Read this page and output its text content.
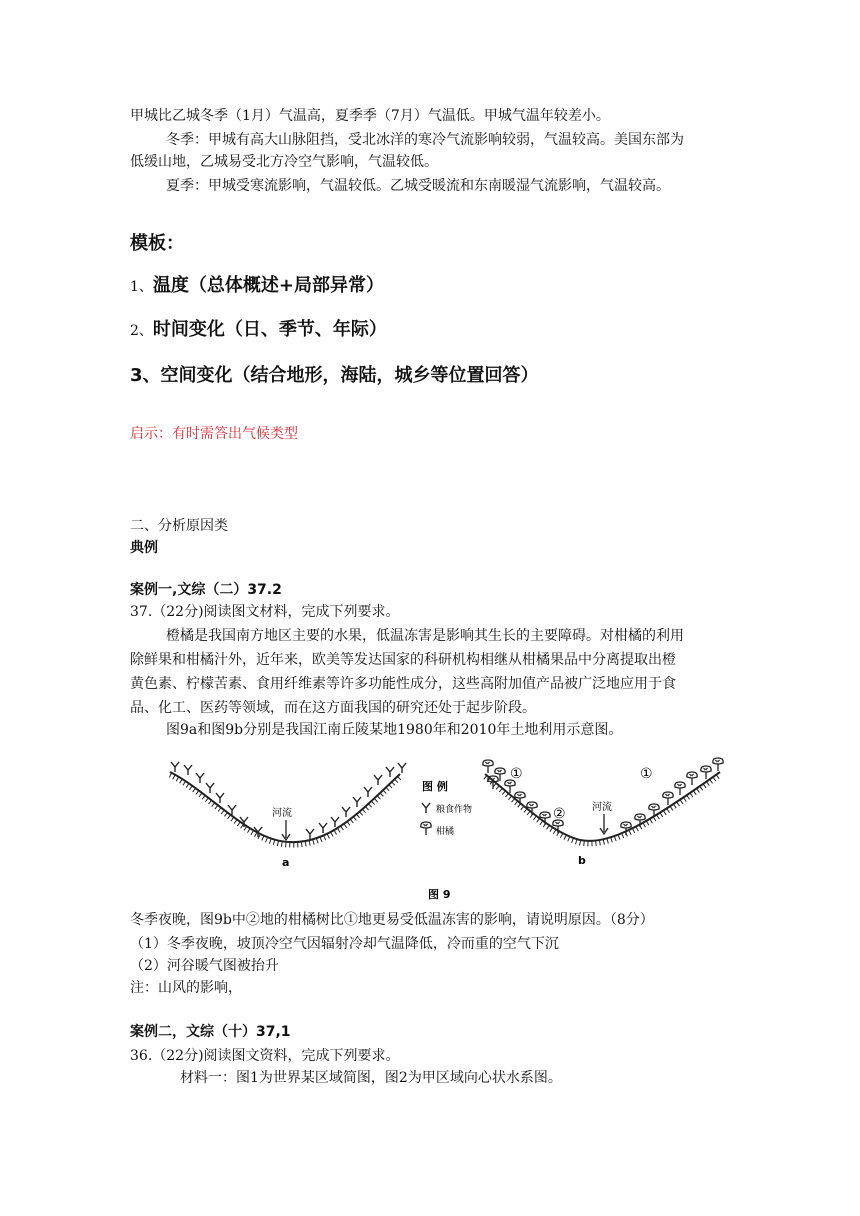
甲城比乙城冬季（1月）气温高，夏季季（7月）气温低。甲城气温年较差小。
冬季：甲城有高大山脉阻挡，受北冰洋的寒冷气流影响较弱，气温较高。美国东部为
低缓山地，乙城易受北方冷空气影响，气温较低。
夏季：甲城受寒流影响，气温较低。乙城受暖流和东南暖湿气流影响，气温较高。
模板：
1、温度（总体概述+局部异常）
2、时间变化（日、季节、年际）
3、空间变化（结合地形，海陆，城乡等位置回答）
启示：有时需答出气候类型
二、分析原因类
典例
案例一,文综（二）37.2
37.（22分)阅读图文材料，完成下列要求。
橙橘是我国南方地区主要的水果，低温冻害是影响其生长的主要障碍。对柑橘的利用
除鲜果和柑橘汁外，近年来，欧美等发达国家的科研机构相继从柑橘果品中分离提取出橙
黄色素、柠檬苦素、食用纤维素等许多功能性成分，这些高附加值产品被广泛地应用于食
品、化工、医药等领域，而在这方面我国的研究还处于起步阶段。
图9a和图9b分别是我国江南丘陵某地1980年和2010年土地利用示意图。
河流
a
图 例
粮食作物
柑橘
①	①
②	河流
b
图 9
冬季夜晚，图9b中②地的柑橘树比①地更易受低温冻害的影响，请说明原因。（8分）
（1）冬季夜晚，坡顶冷空气因辐射冷却气温降低，冷而重的空气下沉
（2）河谷暖气图被抬升
注：山风的影响，
案例二，文综（十）37,1
36.（22分)阅读图文资料，完成下列要求。
材料一：图1为世界某区域简图，图2为甲区域向心状水系图。
